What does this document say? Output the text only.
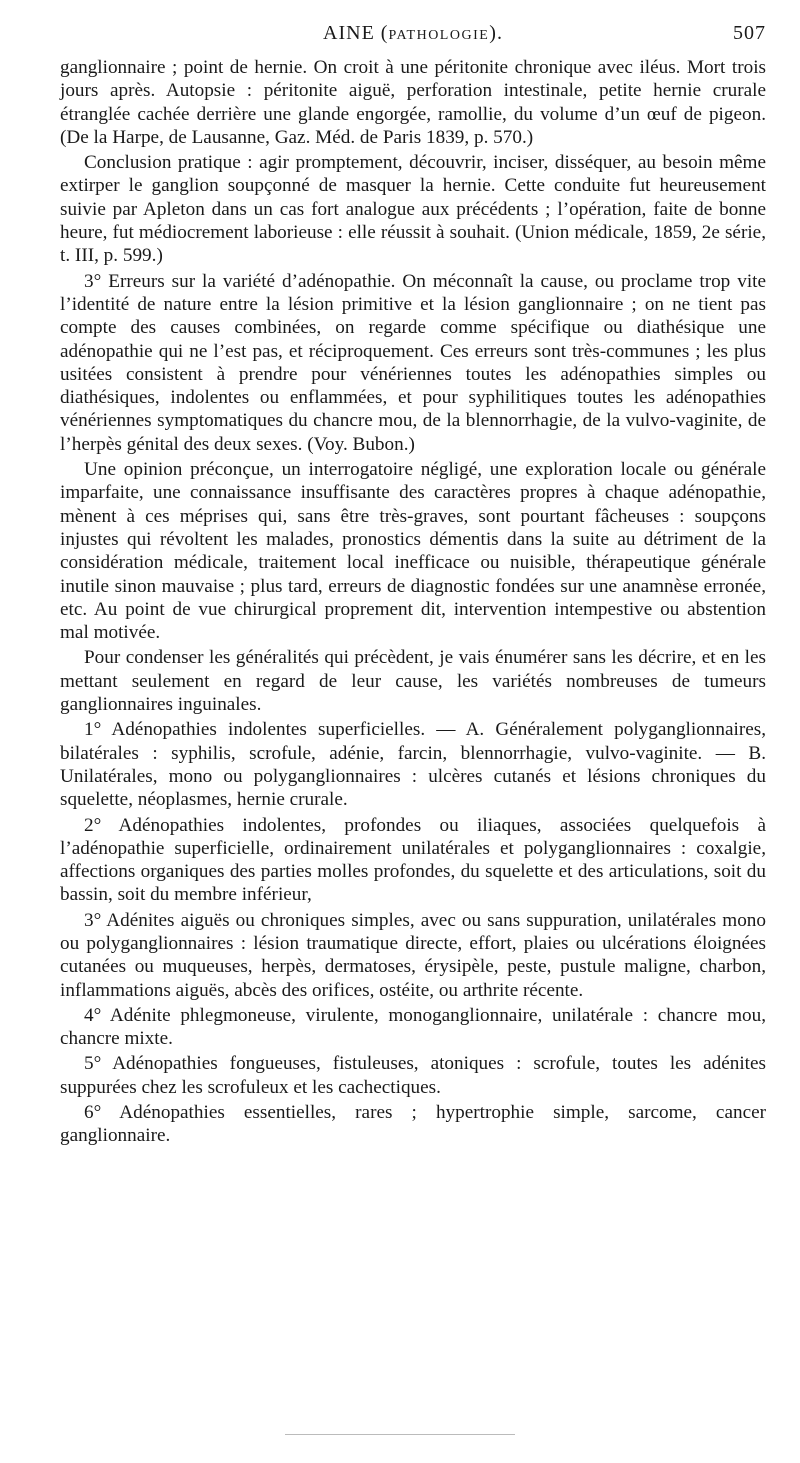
AINE (PATHOLOGIE).	507

ganglionnaire ; point de hernie. On croit à une péritonite chronique avec iléus. Mort trois jours après. Autopsie : péritonite aiguë, perforation intestinale, petite hernie crurale étranglée cachée derrière une glande engorgée, ramollie, du volume d’un œuf de pigeon. (De la Harpe, de Lausanne, Gaz. Méd. de Paris 1839, p. 570.)

Conclusion pratique : agir promptement, découvrir, inciser, disséquer, au besoin même extirper le ganglion soupçonné de masquer la hernie. Cette conduite fut heureusement suivie par Apleton dans un cas fort analogue aux précédents ; l’opération, faite de bonne heure, fut médiocrement laborieuse : elle réussit à souhait. (Union médicale, 1859, 2e série, t. III, p. 599.)

3° Erreurs sur la variété d’adénopathie. On méconnaît la cause, ou proclame trop vite l’identité de nature entre la lésion primitive et la lésion ganglionnaire ; on ne tient pas compte des causes combinées, on regarde comme spécifique ou diathésique une adénopathie qui ne l’est pas, et réciproquement. Ces erreurs sont très-communes ; les plus usitées consistent à prendre pour vénériennes toutes les adénopathies simples ou diathésiques, indolentes ou enflammées, et pour syphilitiques toutes les adénopathies vénériennes symptomatiques du chancre mou, de la blennorrhagie, de la vulvo-vaginite, de l’herpès génital des deux sexes. (Voy. Bubon.)

Une opinion préconçue, un interrogatoire négligé, une exploration locale ou générale imparfaite, une connaissance insuffisante des caractères propres à chaque adénopathie, mènent à ces méprises qui, sans être très-graves, sont pourtant fâcheuses : soupçons injustes qui révoltent les malades, pronostics démentis dans la suite au détriment de la considération médicale, traitement local inefficace ou nuisible, thérapeutique générale inutile sinon mauvaise ; plus tard, erreurs de diagnostic fondées sur une anamnèse erronée, etc. Au point de vue chirurgical proprement dit, intervention intempestive ou abstention mal motivée.

Pour condenser les généralités qui précèdent, je vais énumérer sans les décrire, et en les mettant seulement en regard de leur cause, les variétés nombreuses de tumeurs ganglionnaires inguinales.

1° Adénopathies indolentes superficielles. — A. Généralement polyganglionnaires, bilatérales : syphilis, scrofule, adénie, farcin, blennorrhagie, vulvo-vaginite. — B. Unilatérales, mono ou polyganglionnaires : ulcères cutanés et lésions chroniques du squelette, néoplasmes, hernie crurale.

2° Adénopathies indolentes, profondes ou iliaques, associées quelquefois à l’adénopathie superficielle, ordinairement unilatérales et polyganglionnaires : coxalgie, affections organiques des parties molles profondes, du squelette et des articulations, soit du bassin, soit du membre inférieur,

3° Adénites aiguës ou chroniques simples, avec ou sans suppuration, unilatérales mono ou polyganglionnaires : lésion traumatique directe, effort, plaies ou ulcérations éloignées cutanées ou muqueuses, herpès, dermatoses, érysipèle, peste, pustule maligne, charbon, inflammations aiguës, abcès des orifices, ostéite, ou arthrite récente.

4° Adénite phlegmoneuse, virulente, monoganglionnaire, unilatérale : chancre mou, chancre mixte.

5° Adénopathies fongueuses, fistuleuses, atoniques : scrofule, toutes les adénites suppurées chez les scrofuleux et les cachectiques.

6° Adénopathies essentielles, rares ; hypertrophie simple, sarcome, cancer ganglionnaire.
